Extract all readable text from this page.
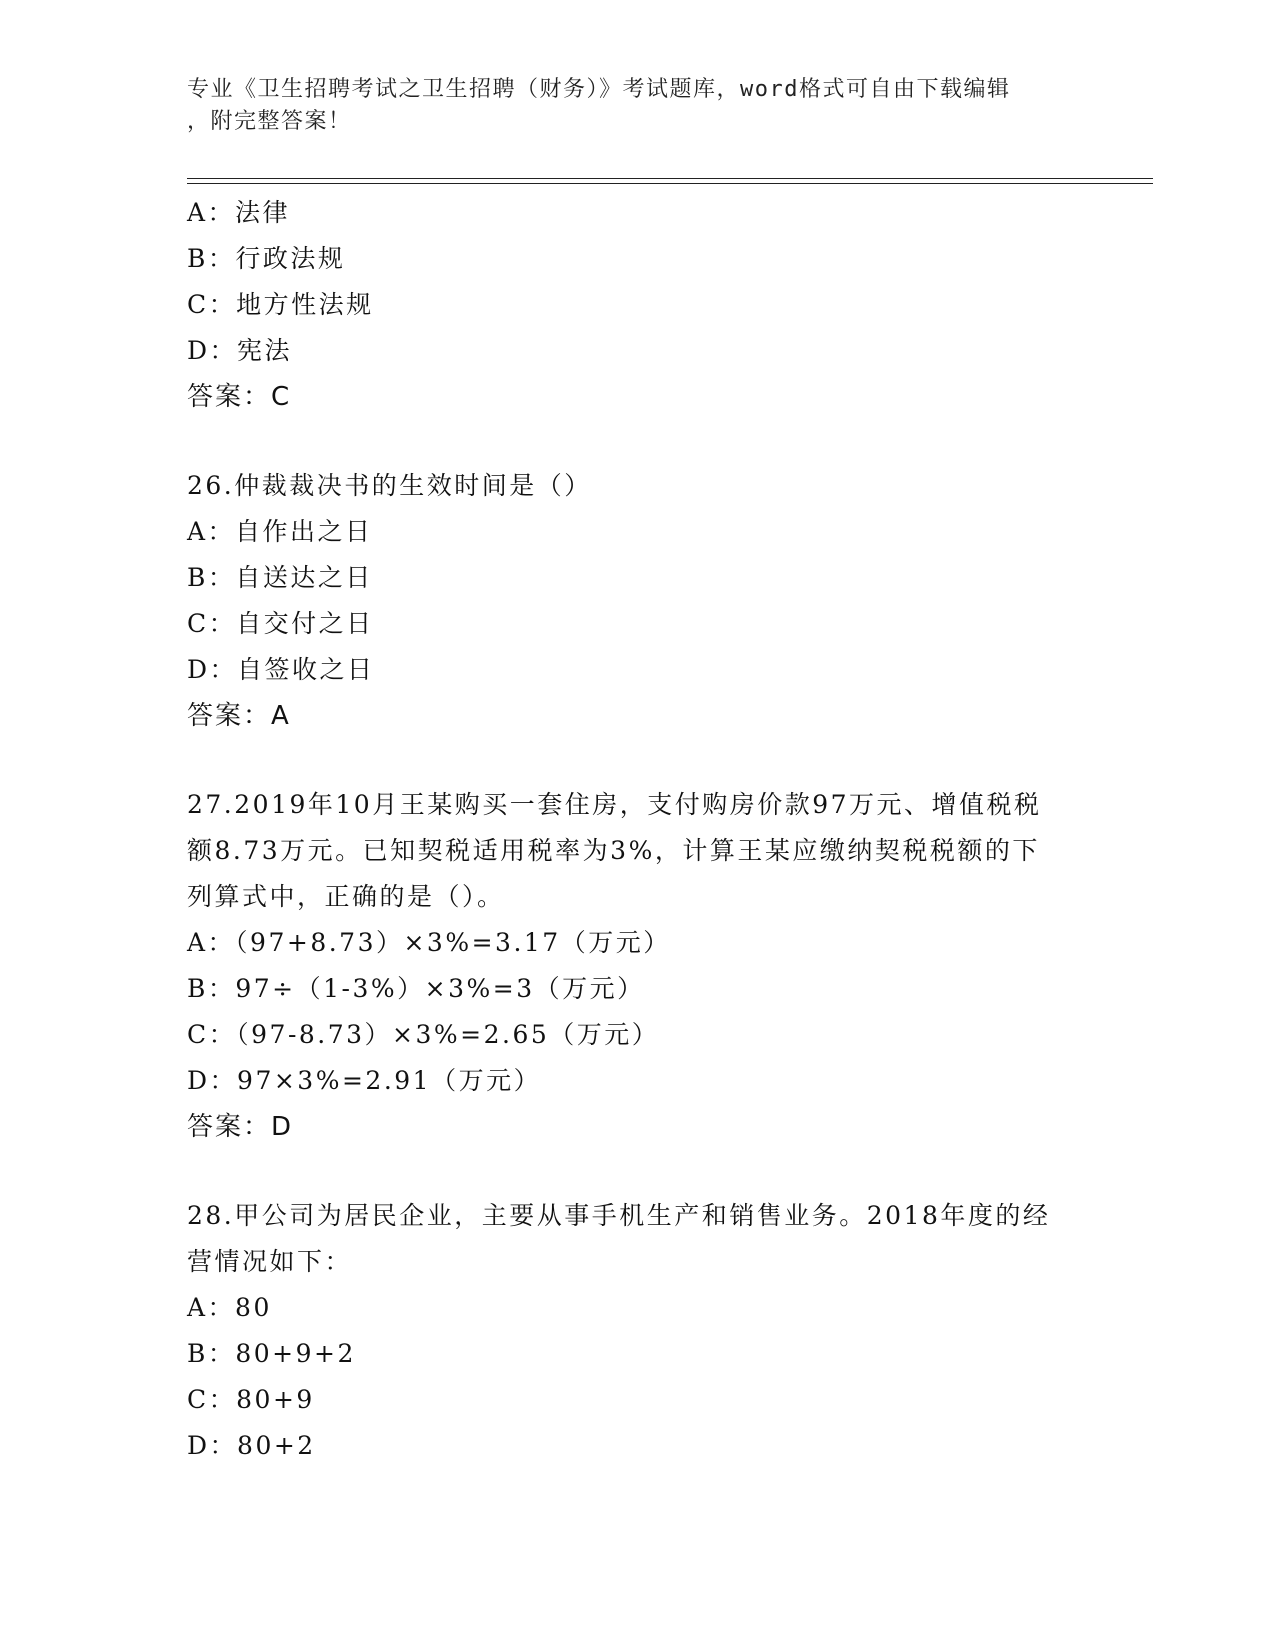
专业《卫生招聘考试之卫生招聘（财务）》考试题库，word格式可自由下载编辑
，附完整答案！
A：法律
B：行政法规
C：地方性法规
D：宪法
答案：C
26.仲裁裁决书的生效时间是（）
A：自作出之日
B：自送达之日
C：自交付之日
D：自签收之日
答案：A
27.2019年10月王某购买一套住房，支付购房价款97万元、增值税税
额8.73万元。已知契税适用税率为3%，计算王某应缴纳契税税额的下
列算式中，正确的是（）。
A：（97+8.73）×3%=3.17（万元）
B：97÷（1-3%）×3%=3（万元）
C：（97-8.73）×3%=2.65（万元）
D：97×3%=2.91（万元）
答案：D
28.甲公司为居民企业，主要从事手机生产和销售业务。2018年度的经
营情况如下：
A：80
B：80+9+2
C：80+9
D：80+2
